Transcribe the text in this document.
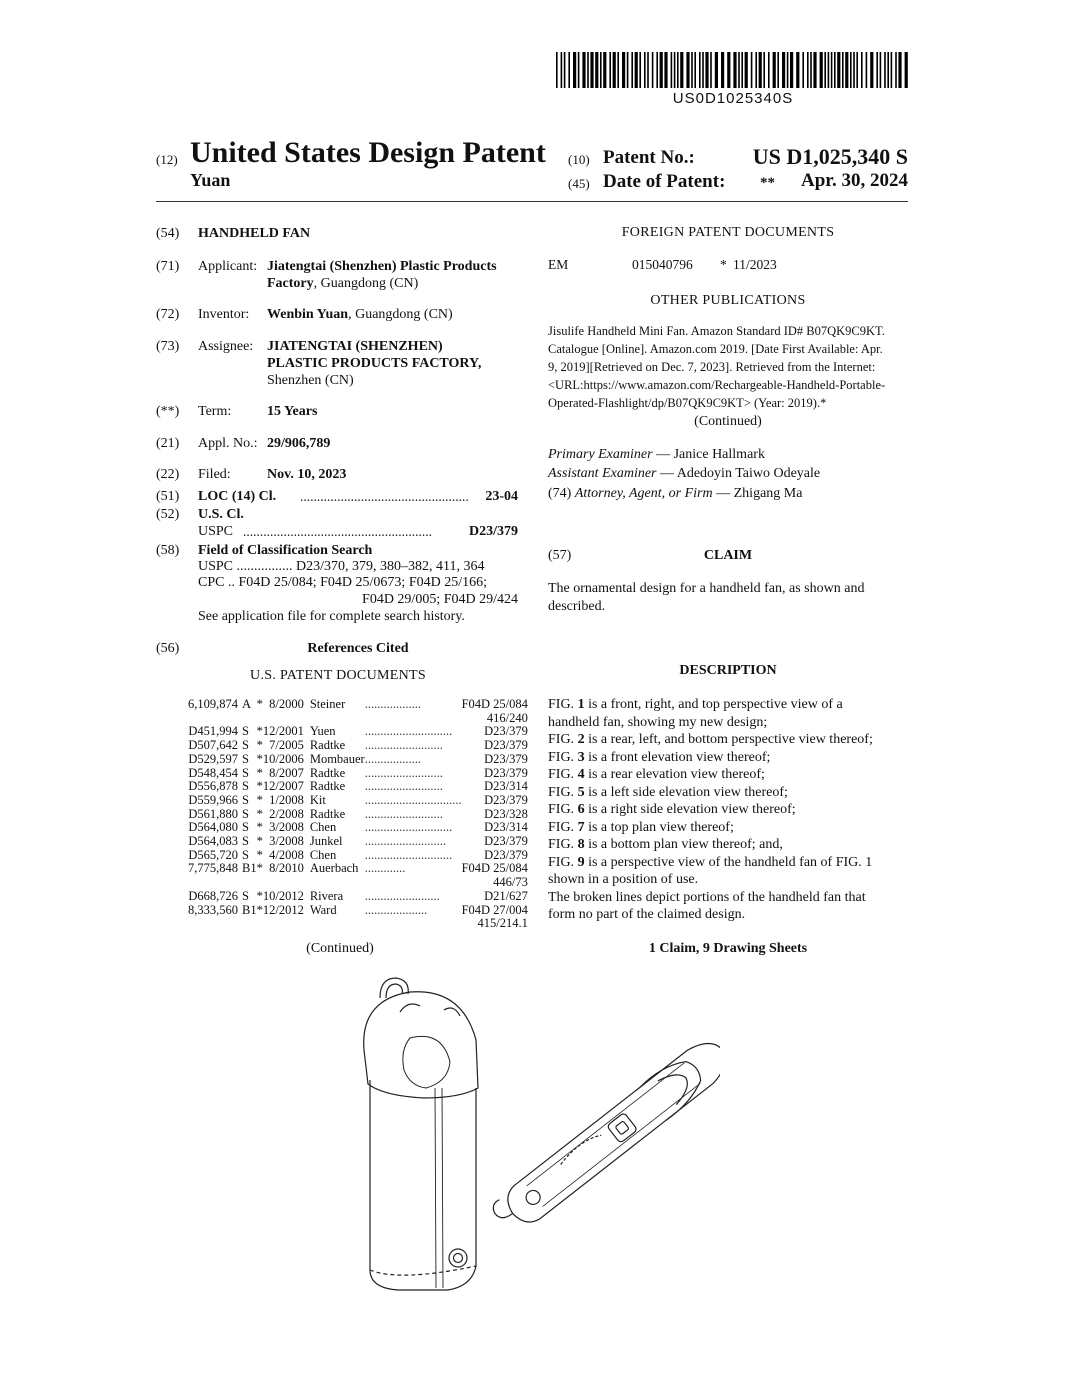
US0D1025340S
(12) United States Design Patent
Yuan
(10) Patent No.:	US D1,025,340 S
(45) Date of Patent: **	Apr. 30, 2024
(54) HANDHELD FAN
(71) Applicant: Jiatengtai (Shenzhen) Plastic Products
Factory, Guangdong (CN)
(72) Inventor: Wenbin Yuan, Guangdong (CN)
(73) Assignee: JIATENGTAI (SHENZHEN)
PLASTIC PRODUCTS FACTORY,
Shenzhen (CN)
(**) Term:	15 Years
(21) Appl. No.: 29/906,789
(22) Filed:	Nov. 10, 2023
(51) LOC (14) Cl. ..................................................	23-04
(52) U.S. Cl.
USPC ........................................................	D23/379
(58) Field of Classification Search
USPC ................ D23/370, 379, 380–382, 411, 364
CPC .. F04D 25/084; F04D 25/0673; F04D 25/166;
F04D 29/005; F04D 29/424
See application file for complete search history.
(56)	References Cited
U.S. PATENT DOCUMENTS
6,109,874	A	*	8/2000	Steiner	..................	F04D 25/084
416/240						
D451,994	S	*	12/2001	Yuen	............................	D23/379
D507,642	S	*	7/2005	Radtke	.........................	D23/379
D529,597	S	*	10/2006	Mombauer	..................	D23/379
D548,454	S	*	8/2007	Radtke	.........................	D23/379
D556,878	S	*	12/2007	Radtke	.........................	D23/314
D559,966	S	*	1/2008	Kit	...............................	D23/379
D561,880	S	*	2/2008	Radtke	.........................	D23/328
D564,080	S	*	3/2008	Chen	............................	D23/314
D564,083	S	*	3/2008	Junkel	..........................	D23/379
D565,720	S	*	4/2008	Chen	............................	D23/379
7,775,848	B1	*	8/2010	Auerbach	.............	F04D 25/084
446/73						
D668,726	S	*	10/2012	Rivera	........................	D21/627
8,333,560	B1	*	12/2012	Ward	....................	F04D 27/004
415/214.1						
(Continued)
FOREIGN PATENT DOCUMENTS
EM	015040796 * 11/2023
OTHER PUBLICATIONS
Jisulife Handheld Mini Fan. Amazon Standard ID# B07QK9C9KT.
Catalogue [Online]. Amazon.com 2019. [Date First Available: Apr.
9, 2019][Retrieved on Dec. 7, 2023]. Retrieved from the Internet:
<URL:https://www.amazon.com/Rechargeable-Handheld-Portable-
Operated-Flashlight/dp/B07QK9C9KT> (Year: 2019).*
(Continued)
Primary Examiner — Janice Hallmark
Assistant Examiner — Adedoyin Taiwo Odeyale
(74) Attorney, Agent, or Firm — Zhigang Ma
(57)	CLAIM
The ornamental design for a handheld fan, as shown and
described.
DESCRIPTION
FIG. 1 is a front, right, and top perspective view of a
handheld fan, showing my new design;
FIG. 2 is a rear, left, and bottom perspective view thereof;
FIG. 3 is a front elevation view thereof;
FIG. 4 is a rear elevation view thereof;
FIG. 5 is a left side elevation view thereof;
FIG. 6 is a right side elevation view thereof;
FIG. 7 is a top plan view thereof;
FIG. 8 is a bottom plan view thereof; and,
FIG. 9 is a perspective view of the handheld fan of FIG. 1
shown in a position of use.
The broken lines depict portions of the handheld fan that
form no part of the claimed design.
1 Claim, 9 Drawing Sheets
